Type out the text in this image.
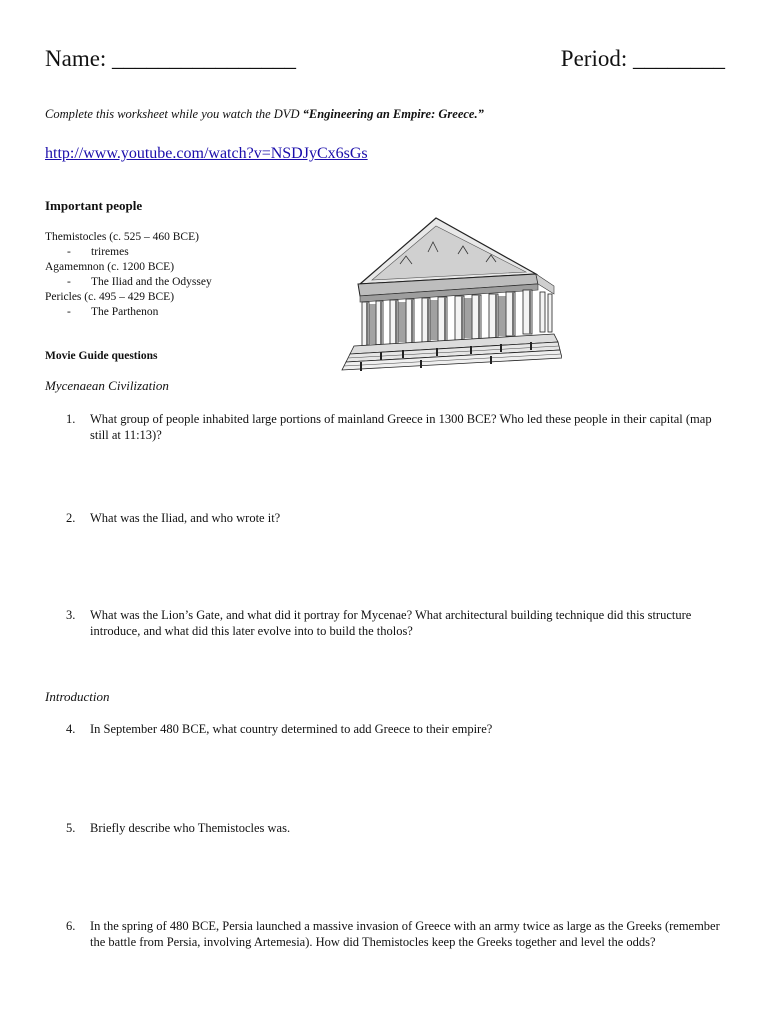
Name: ________________	Period: ________
Complete this worksheet while you watch the DVD “Engineering an Empire: Greece.”
http://www.youtube.com/watch?v=NSDJyCx6sGs
Important people
Themistocles (c. 525 – 460 BCE)
- triremes
Agamemnon (c. 1200 BCE)
- The Iliad and the Odyssey
Pericles (c. 495 – 429 BCE)
- The Parthenon
Movie Guide questions
Mycenaean Civilization
1.	What group of people inhabited large portions of mainland Greece in 1300 BCE? Who led these people in their capital (map still at 11:13)?
2.	What was the Iliad, and who wrote it?
3.	What was the Lion’s Gate, and what did it portray for Mycenae? What architectural building technique did this structure introduce, and what did this later evolve into to build the tholos?
Introduction
4.	In September 480 BCE, what country determined to add Greece to their empire?
5.	Briefly describe who Themistocles was.
6.	In the spring of 480 BCE, Persia launched a massive invasion of Greece with an army twice as large as the Greeks (remember the battle from Persia, involving Artemesia). How did Themistocles keep the Greeks together and level the odds?
